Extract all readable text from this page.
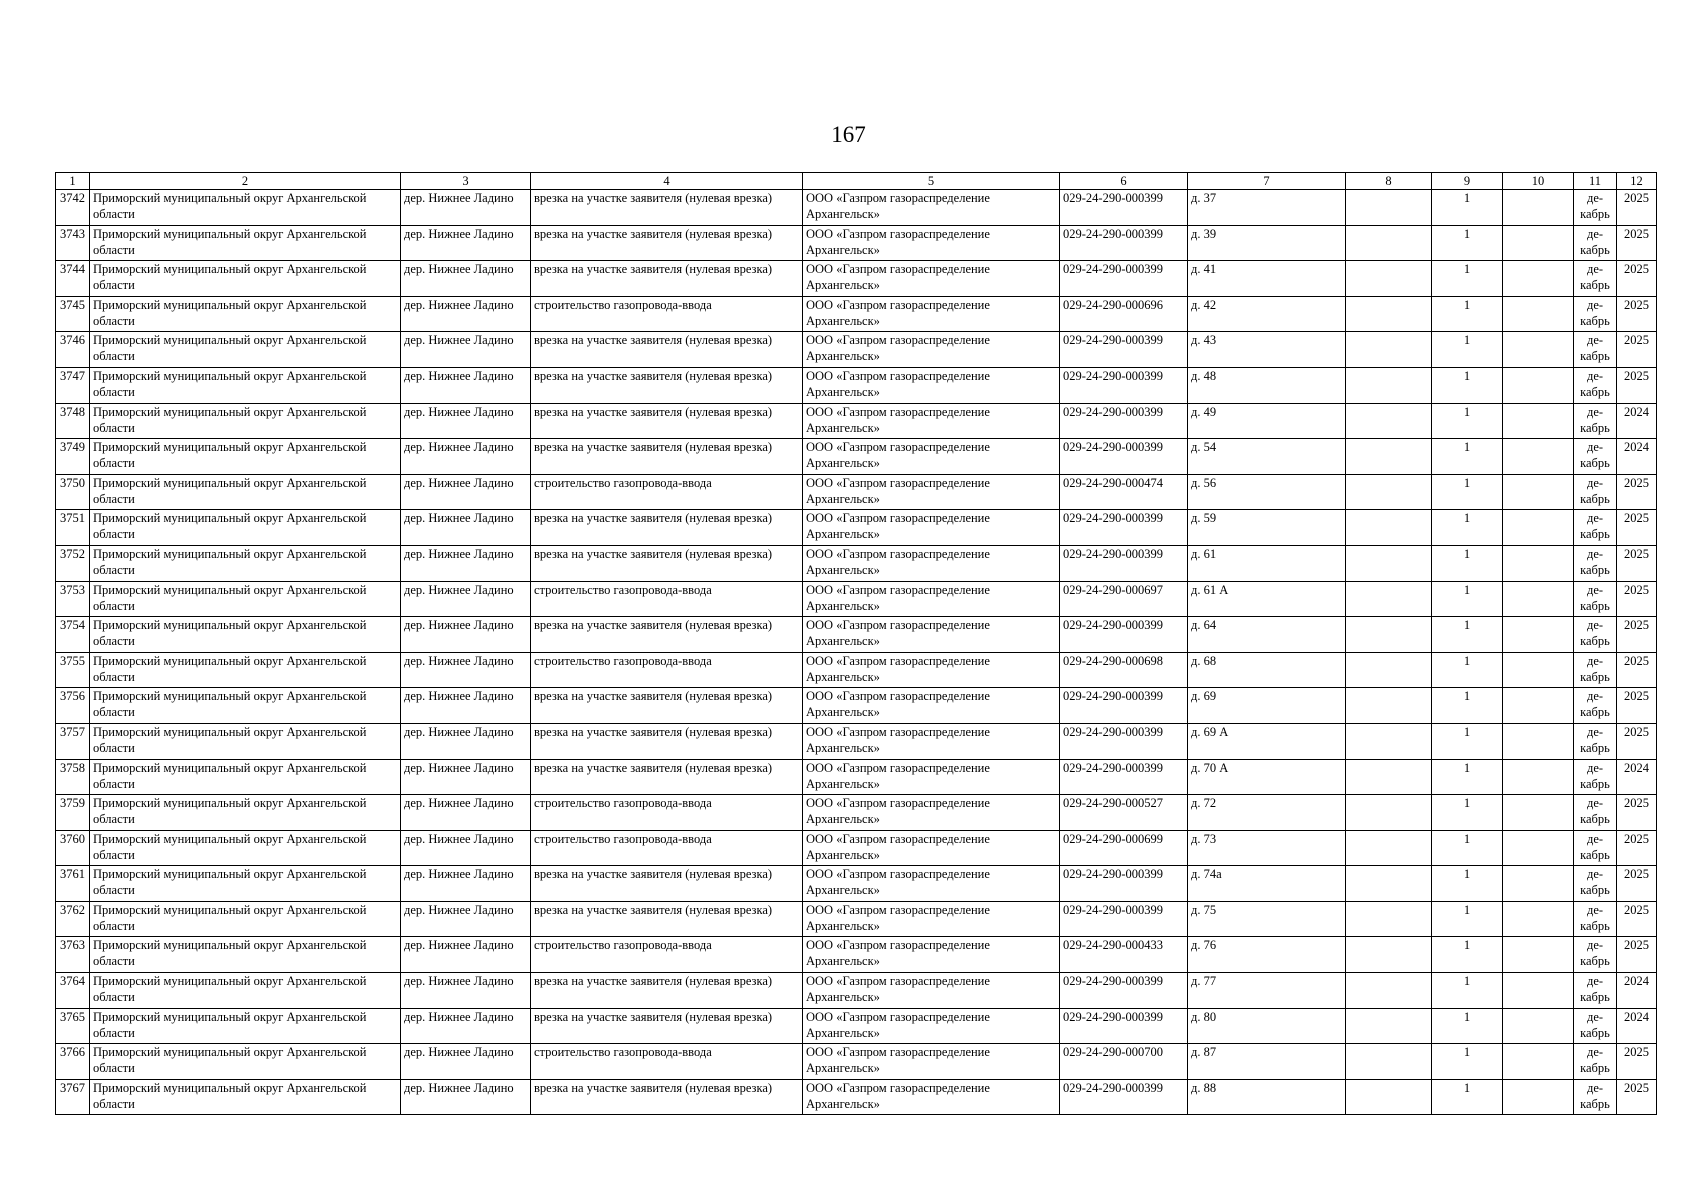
167
1	2	3	4	5	6	7	8	9	10	11	12
3742	Приморский муниципальный округ Архангельской области	дер. Нижнее Ладино	врезка на участке заявителя (нулевая врезка)	ООО «Газпром газораспределение Архангельск»	029-24-290-000399	д. 37		1		де-кабрь	2025
3743	Приморский муниципальный округ Архангельской области	дер. Нижнее Ладино	врезка на участке заявителя (нулевая врезка)	ООО «Газпром газораспределение Архангельск»	029-24-290-000399	д. 39		1		де-кабрь	2025
3744	Приморский муниципальный округ Архангельской области	дер. Нижнее Ладино	врезка на участке заявителя (нулевая врезка)	ООО «Газпром газораспределение Архангельск»	029-24-290-000399	д. 41		1		де-кабрь	2025
3745	Приморский муниципальный округ Архангельской области	дер. Нижнее Ладино	строительство газопровода-ввода	ООО «Газпром газораспределение Архангельск»	029-24-290-000696	д. 42		1		де-кабрь	2025
3746	Приморский муниципальный округ Архангельской области	дер. Нижнее Ладино	врезка на участке заявителя (нулевая врезка)	ООО «Газпром газораспределение Архангельск»	029-24-290-000399	д. 43		1		де-кабрь	2025
3747	Приморский муниципальный округ Архангельской области	дер. Нижнее Ладино	врезка на участке заявителя (нулевая врезка)	ООО «Газпром газораспределение Архангельск»	029-24-290-000399	д. 48		1		де-кабрь	2025
3748	Приморский муниципальный округ Архангельской области	дер. Нижнее Ладино	врезка на участке заявителя (нулевая врезка)	ООО «Газпром газораспределение Архангельск»	029-24-290-000399	д. 49		1		де-кабрь	2024
3749	Приморский муниципальный округ Архангельской области	дер. Нижнее Ладино	врезка на участке заявителя (нулевая врезка)	ООО «Газпром газораспределение Архангельск»	029-24-290-000399	д. 54		1		де-кабрь	2024
3750	Приморский муниципальный округ Архангельской области	дер. Нижнее Ладино	строительство газопровода-ввода	ООО «Газпром газораспределение Архангельск»	029-24-290-000474	д. 56		1		де-кабрь	2025
3751	Приморский муниципальный округ Архангельской области	дер. Нижнее Ладино	врезка на участке заявителя (нулевая врезка)	ООО «Газпром газораспределение Архангельск»	029-24-290-000399	д. 59		1		де-кабрь	2025
3752	Приморский муниципальный округ Архангельской области	дер. Нижнее Ладино	врезка на участке заявителя (нулевая врезка)	ООО «Газпром газораспределение Архангельск»	029-24-290-000399	д. 61		1		де-кабрь	2025
3753	Приморский муниципальный округ Архангельской области	дер. Нижнее Ладино	строительство газопровода-ввода	ООО «Газпром газораспределение Архангельск»	029-24-290-000697	д. 61 А		1		де-кабрь	2025
3754	Приморский муниципальный округ Архангельской области	дер. Нижнее Ладино	врезка на участке заявителя (нулевая врезка)	ООО «Газпром газораспределение Архангельск»	029-24-290-000399	д. 64		1		де-кабрь	2025
3755	Приморский муниципальный округ Архангельской области	дер. Нижнее Ладино	строительство газопровода-ввода	ООО «Газпром газораспределение Архангельск»	029-24-290-000698	д. 68		1		де-кабрь	2025
3756	Приморский муниципальный округ Архангельской области	дер. Нижнее Ладино	врезка на участке заявителя (нулевая врезка)	ООО «Газпром газораспределение Архангельск»	029-24-290-000399	д. 69		1		де-кабрь	2025
3757	Приморский муниципальный округ Архангельской области	дер. Нижнее Ладино	врезка на участке заявителя (нулевая врезка)	ООО «Газпром газораспределение Архангельск»	029-24-290-000399	д. 69 А		1		де-кабрь	2025
3758	Приморский муниципальный округ Архангельской области	дер. Нижнее Ладино	врезка на участке заявителя (нулевая врезка)	ООО «Газпром газораспределение Архангельск»	029-24-290-000399	д. 70 А		1		де-кабрь	2024
3759	Приморский муниципальный округ Архангельской области	дер. Нижнее Ладино	строительство газопровода-ввода	ООО «Газпром газораспределение Архангельск»	029-24-290-000527	д. 72		1		де-кабрь	2025
3760	Приморский муниципальный округ Архангельской области	дер. Нижнее Ладино	строительство газопровода-ввода	ООО «Газпром газораспределение Архангельск»	029-24-290-000699	д. 73		1		де-кабрь	2025
3761	Приморский муниципальный округ Архангельской области	дер. Нижнее Ладино	врезка на участке заявителя (нулевая врезка)	ООО «Газпром газораспределение Архангельск»	029-24-290-000399	д. 74а		1		де-кабрь	2025
3762	Приморский муниципальный округ Архангельской области	дер. Нижнее Ладино	врезка на участке заявителя (нулевая врезка)	ООО «Газпром газораспределение Архангельск»	029-24-290-000399	д. 75		1		де-кабрь	2025
3763	Приморский муниципальный округ Архангельской области	дер. Нижнее Ладино	строительство газопровода-ввода	ООО «Газпром газораспределение Архангельск»	029-24-290-000433	д. 76		1		де-кабрь	2025
3764	Приморский муниципальный округ Архангельской области	дер. Нижнее Ладино	врезка на участке заявителя (нулевая врезка)	ООО «Газпром газораспределение Архангельск»	029-24-290-000399	д. 77		1		де-кабрь	2024
3765	Приморский муниципальный округ Архангельской области	дер. Нижнее Ладино	врезка на участке заявителя (нулевая врезка)	ООО «Газпром газораспределение Архангельск»	029-24-290-000399	д. 80		1		де-кабрь	2024
3766	Приморский муниципальный округ Архангельской области	дер. Нижнее Ладино	строительство газопровода-ввода	ООО «Газпром газораспределение Архангельск»	029-24-290-000700	д. 87		1		де-кабрь	2025
3767	Приморский муниципальный округ Архангельской области	дер. Нижнее Ладино	врезка на участке заявителя (нулевая врезка)	ООО «Газпром газораспределение Архангельск»	029-24-290-000399	д. 88		1		де-кабрь	2025
